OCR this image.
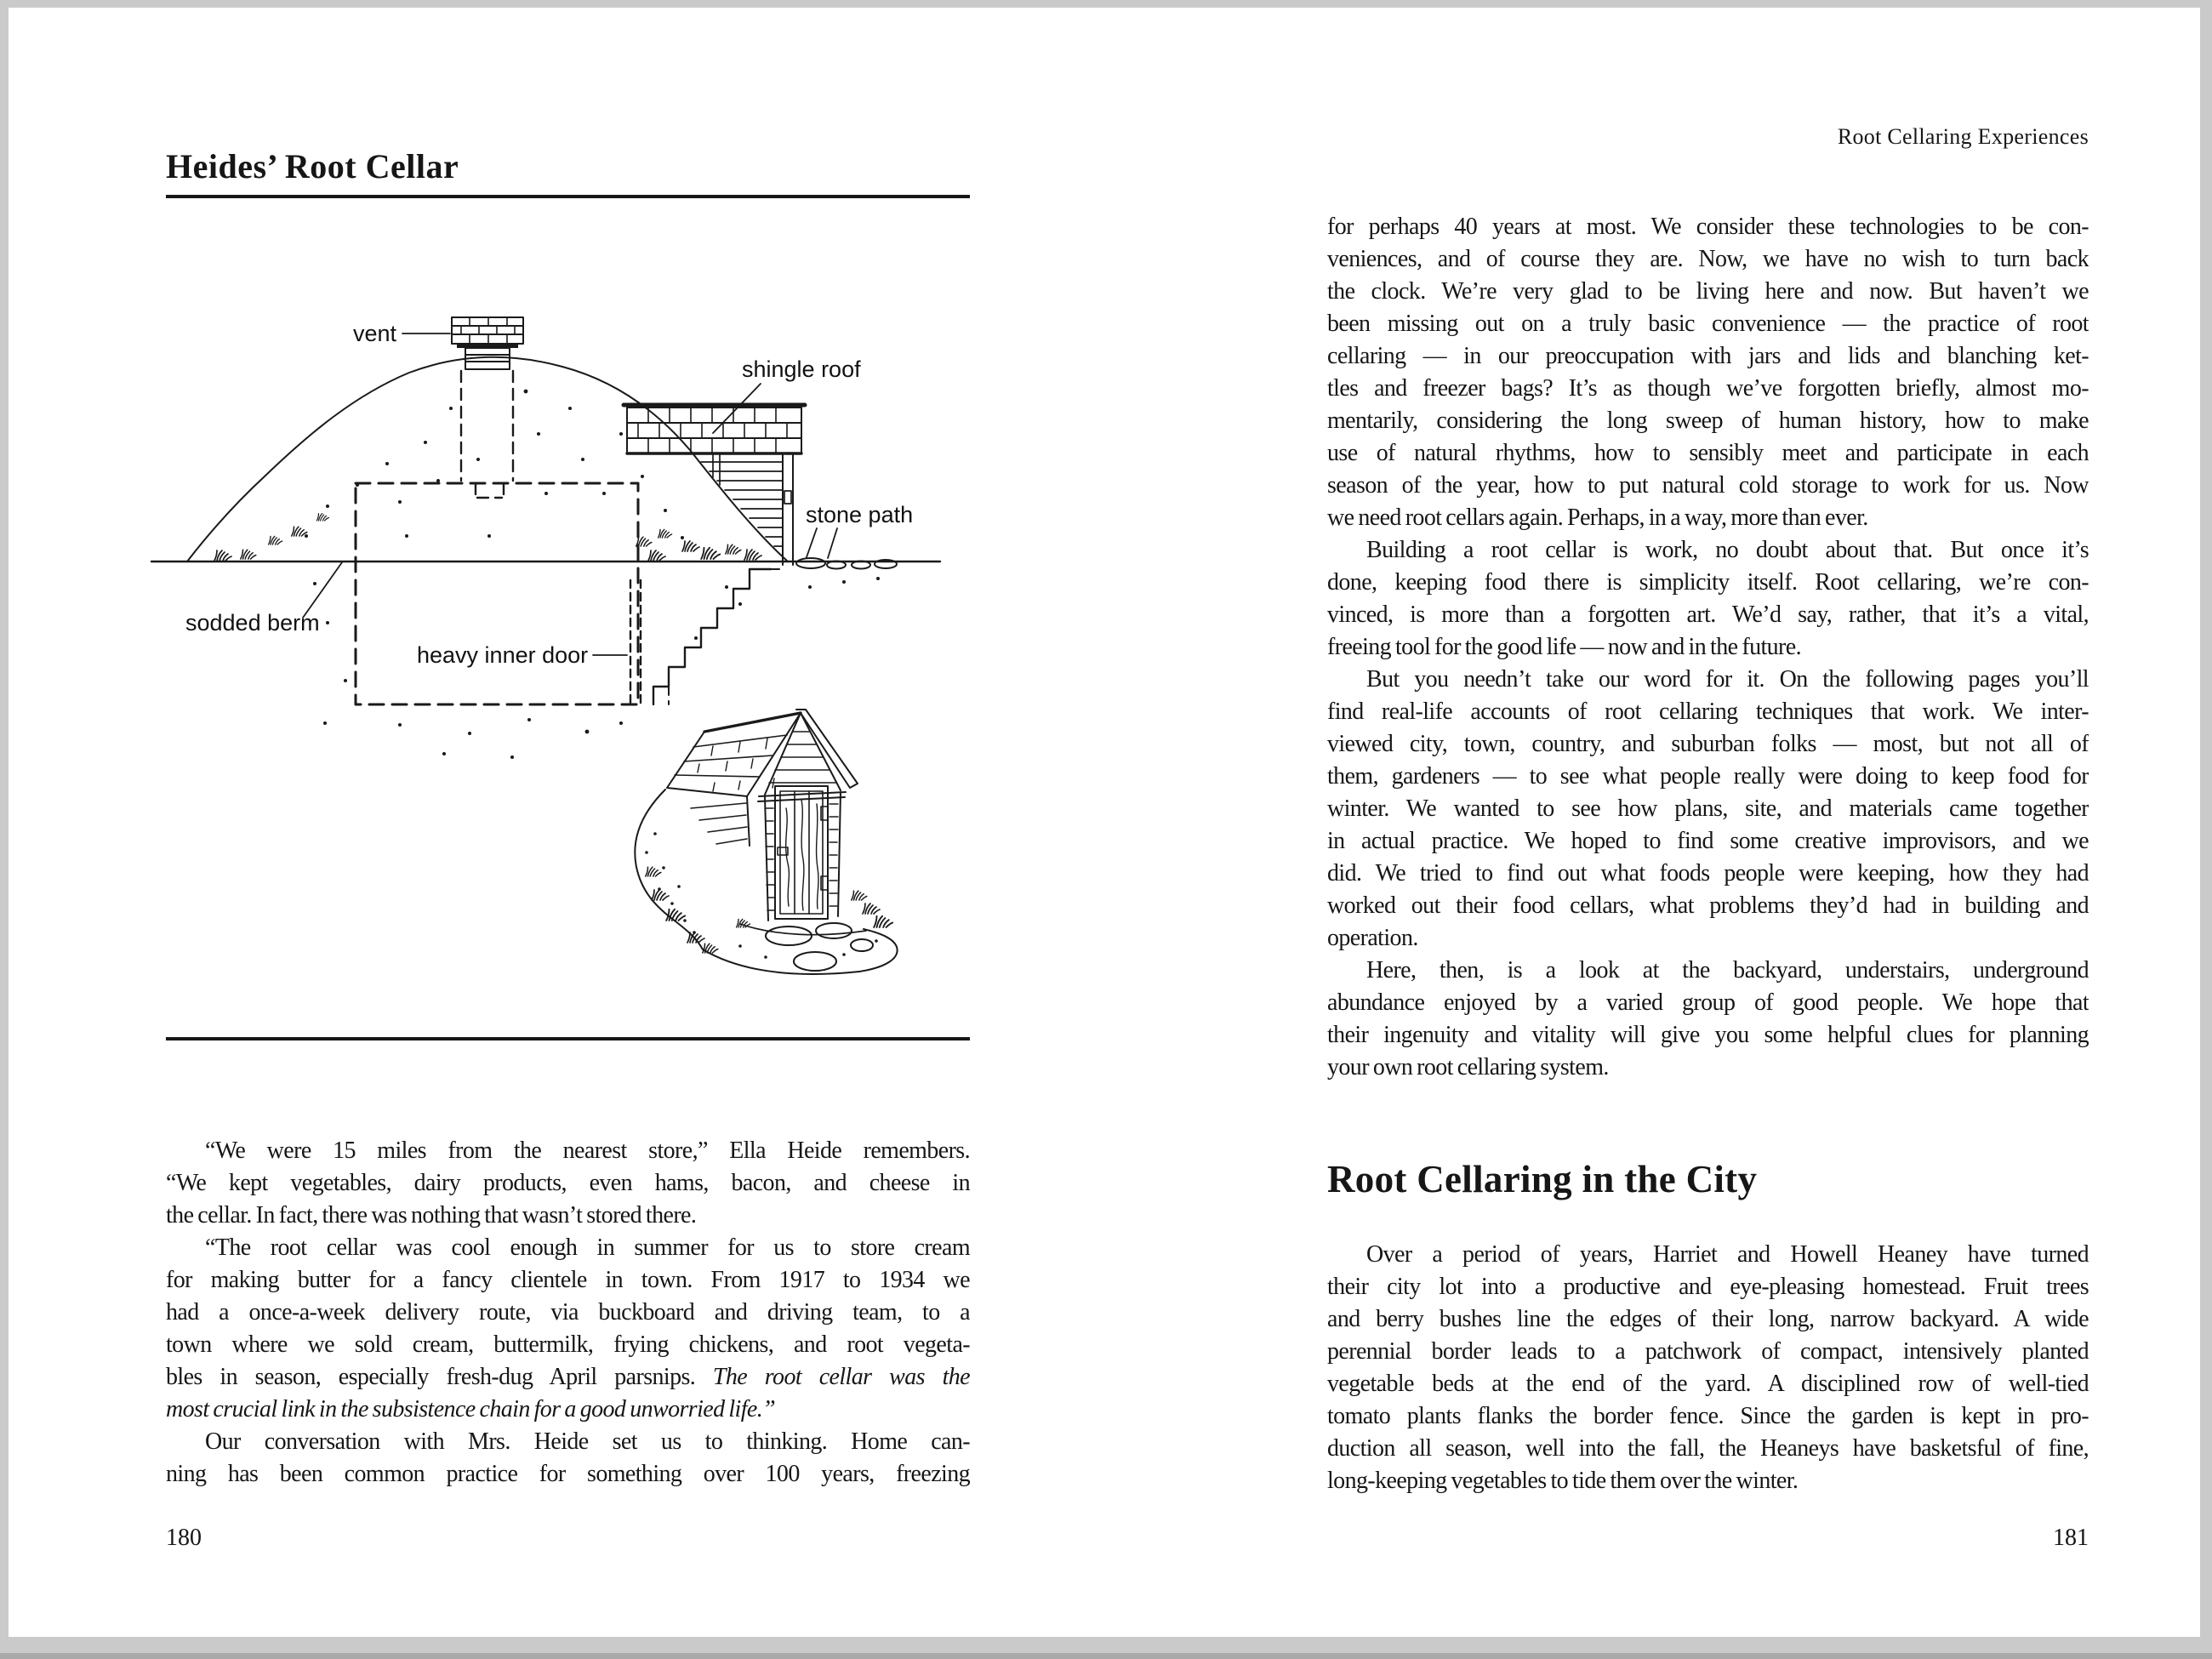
Heides’ Root Cellar
vent
shingle roof
stone path
sodded berm
heavy inner door
“We were 15 miles from the nearest store,” Ella Heide remembers.
“We kept vegetables, dairy products, even hams, bacon, and cheese in
the cellar. In fact, there was nothing that wasn’t stored there.
“The root cellar was cool enough in summer for us to store cream
for making butter for a fancy clientele in town. From 1917 to 1934 we
had a once-a-week delivery route, via buckboard and driving team, to a
town where we sold cream, buttermilk, frying chickens, and root vegeta-
bles in season, especially fresh-dug April parsnips. The root cellar was the
most crucial link in the subsistence chain for a good unworried life.”
Our conversation with Mrs. Heide set us to thinking. Home can-
ning has been common practice for something over 100 years, freezing
180
Root Cellaring Experiences
for perhaps 40 years at most. We consider these technologies to be con-
veniences, and of course they are. Now, we have no wish to turn back
the clock. We’re very glad to be living here and now. But haven’t we
been missing out on a truly basic convenience — the practice of root
cellaring — in our preoccupation with jars and lids and blanching ket-
tles and freezer bags? It’s as though we’ve forgotten briefly, almost mo-
mentarily, considering the long sweep of human history, how to make
use of natural rhythms, how to sensibly meet and participate in each
season of the year, how to put natural cold storage to work for us. Now
we need root cellars again. Perhaps, in a way, more than ever.
Building a root cellar is work, no doubt about that. But once it’s
done, keeping food there is simplicity itself. Root cellaring, we’re con-
vinced, is more than a forgotten art. We’d say, rather, that it’s a vital,
freeing tool for the good life — now and in the future.
But you needn’t take our word for it. On the following pages you’ll
find real-life accounts of root cellaring techniques that work. We inter-
viewed city, town, country, and suburban folks — most, but not all of
them, gardeners — to see what people really were doing to keep food for
winter. We wanted to see how plans, site, and materials came together
in actual practice. We hoped to find some creative improvisors, and we
did. We tried to find out what foods people were keeping, how they had
worked out their food cellars, what problems they’d had in building and
operation.
Here, then, is a look at the backyard, understairs, underground
abundance enjoyed by a varied group of good people. We hope that
their ingenuity and vitality will give you some helpful clues for planning
your own root cellaring system.
Root Cellaring in the City
Over a period of years, Harriet and Howell Heaney have turned
their city lot into a productive and eye-pleasing homestead. Fruit trees
and berry bushes line the edges of their long, narrow backyard. A wide
perennial border leads to a patchwork of compact, intensively planted
vegetable beds at the end of the yard. A disciplined row of well-tied
tomato plants flanks the border fence. Since the garden is kept in pro-
duction all season, well into the fall, the Heaneys have basketsful of fine,
long-keeping vegetables to tide them over the winter.
181
